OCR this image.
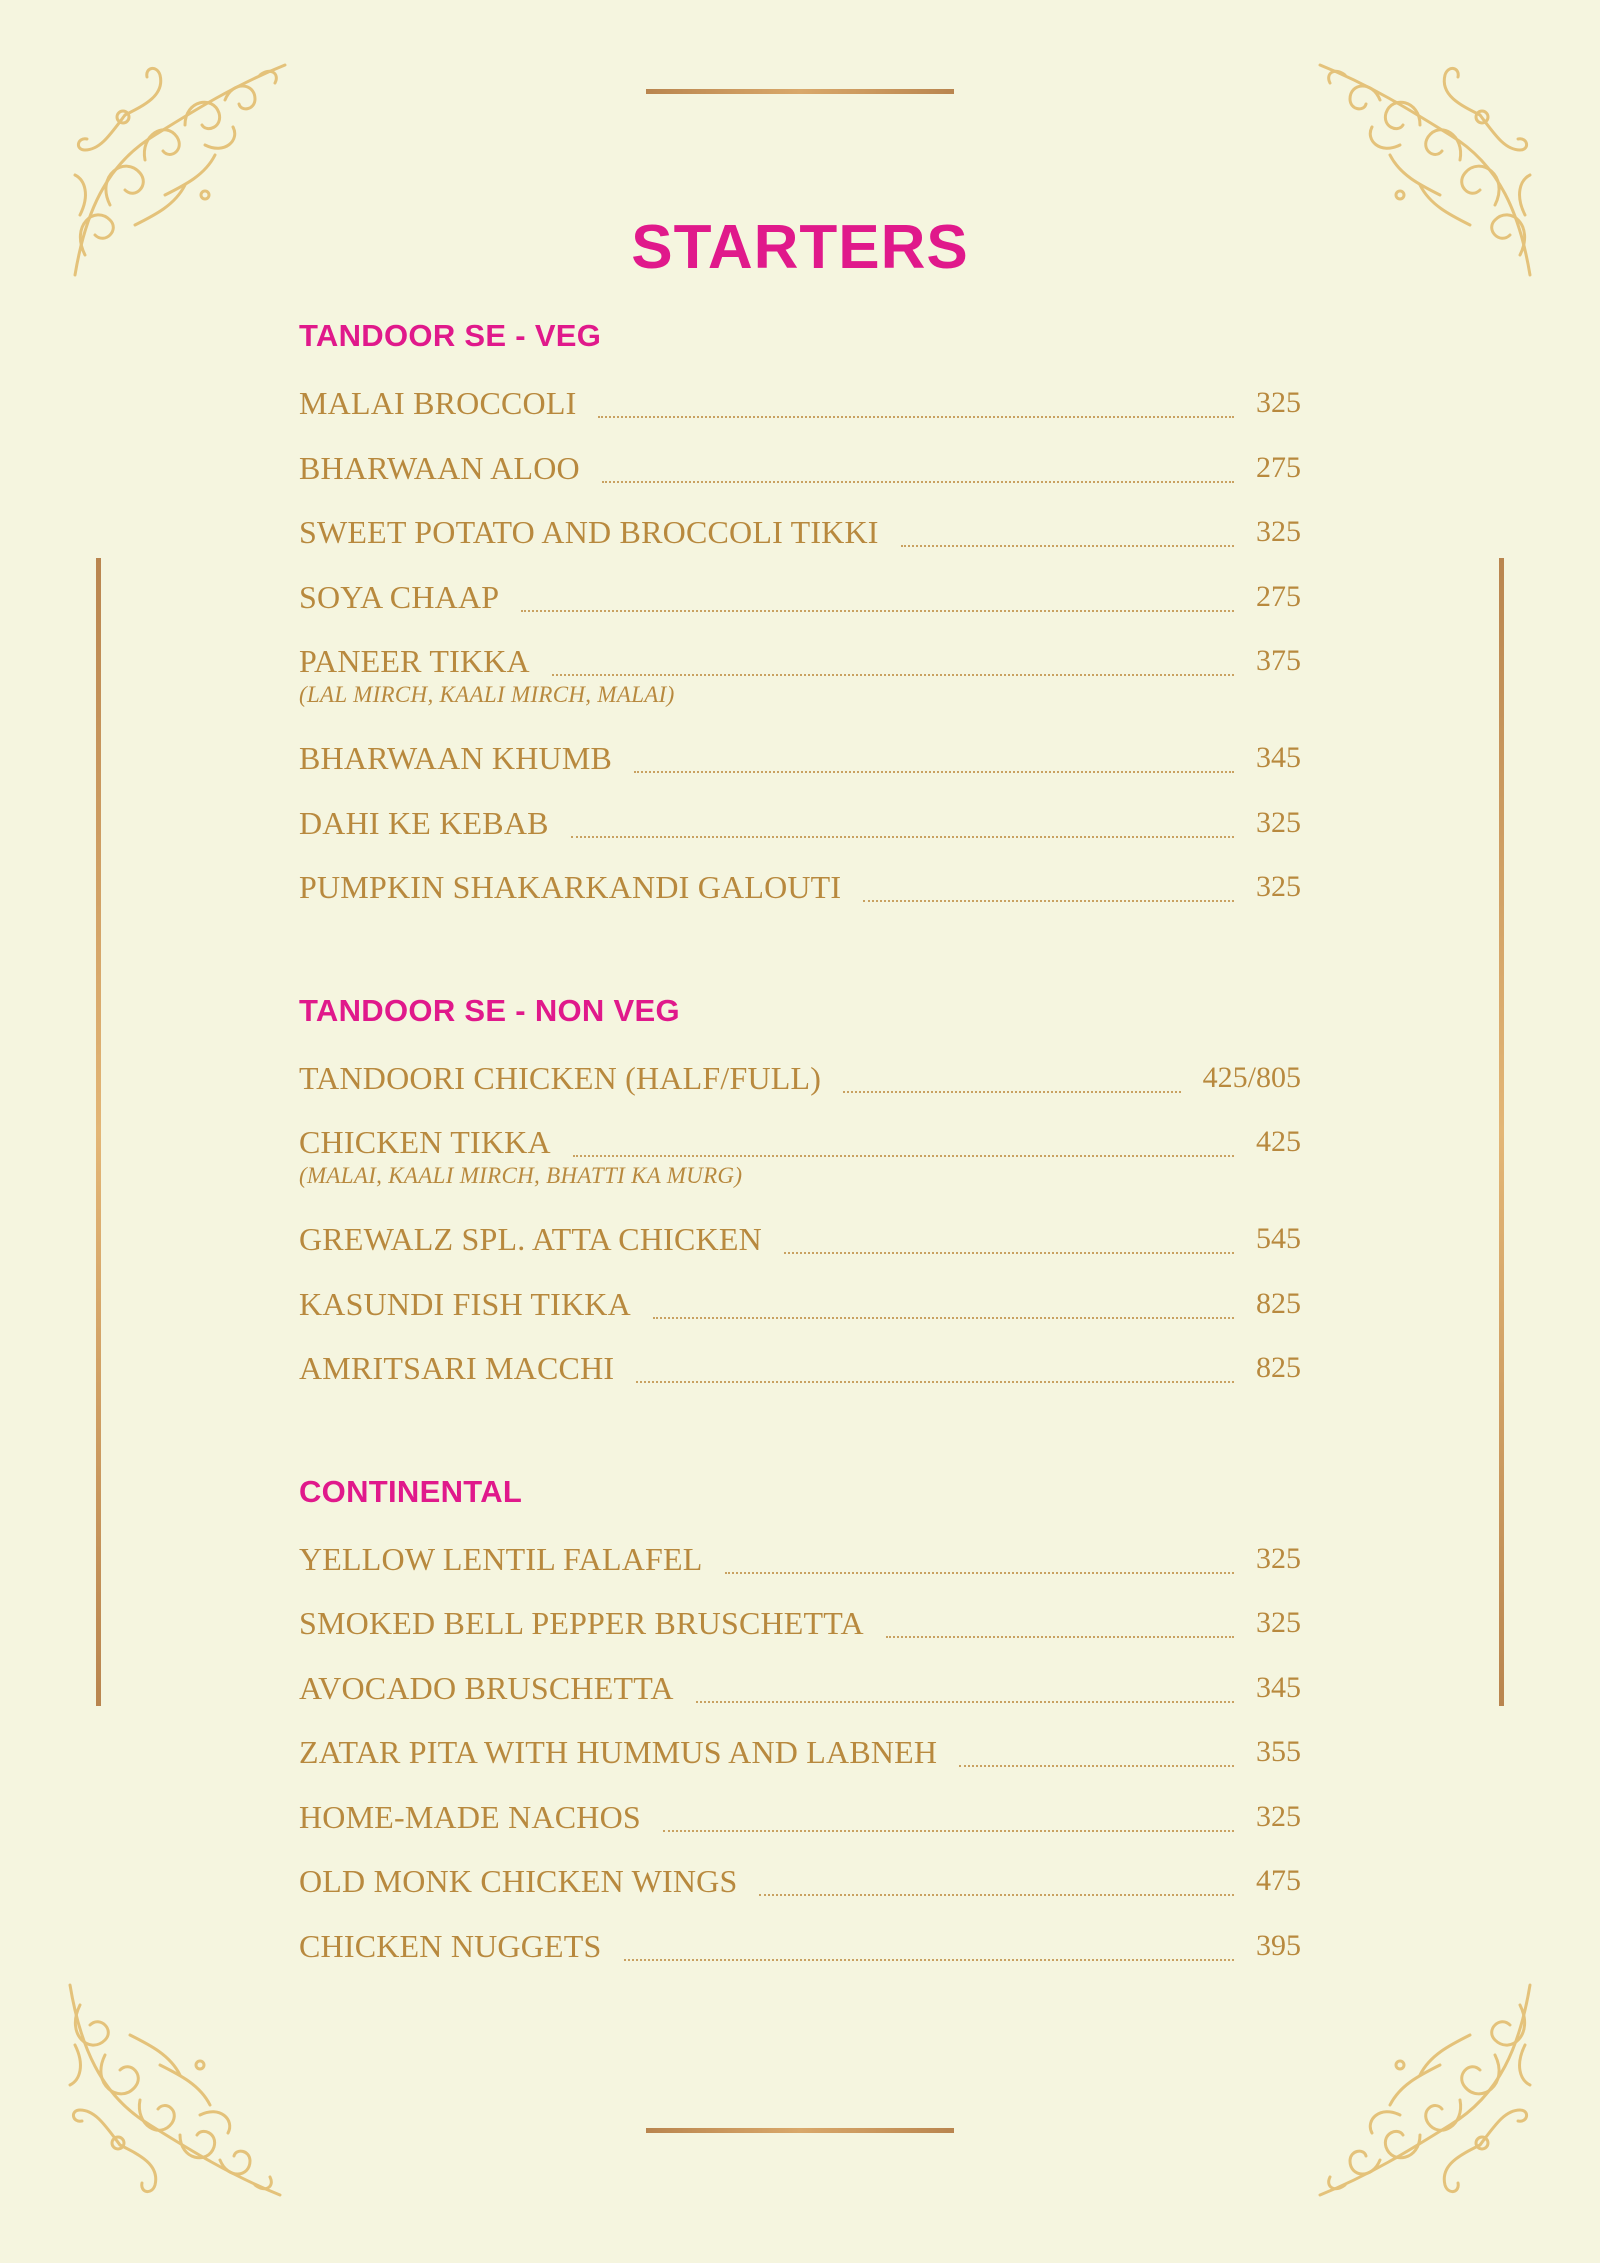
STARTERS
TANDOOR SE - VEG
MALAI BROCCOLI	325
BHARWAAN ALOO	275
SWEET POTATO AND BROCCOLI TIKKI	325
SOYA CHAAP	275
PANEER TIKKA	375
(LAL MIRCH, KAALI MIRCH, MALAI)
BHARWAAN KHUMB	345
DAHI KE KEBAB	325
PUMPKIN SHAKARKANDI GALOUTI	325
TANDOOR SE - NON VEG
TANDOORI CHICKEN (HALF/FULL)	425/805
CHICKEN TIKKA	425
(MALAI, KAALI MIRCH, BHATTI KA MURG)
GREWALZ SPL. ATTA CHICKEN	545
KASUNDI FISH TIKKA	825
AMRITSARI MACCHI	825
CONTINENTAL
YELLOW LENTIL FALAFEL	325
SMOKED BELL PEPPER BRUSCHETTA	325
AVOCADO BRUSCHETTA	345
ZATAR PITA WITH HUMMUS AND LABNEH	355
HOME-MADE NACHOS	325
OLD MONK CHICKEN WINGS	475
CHICKEN NUGGETS	395
